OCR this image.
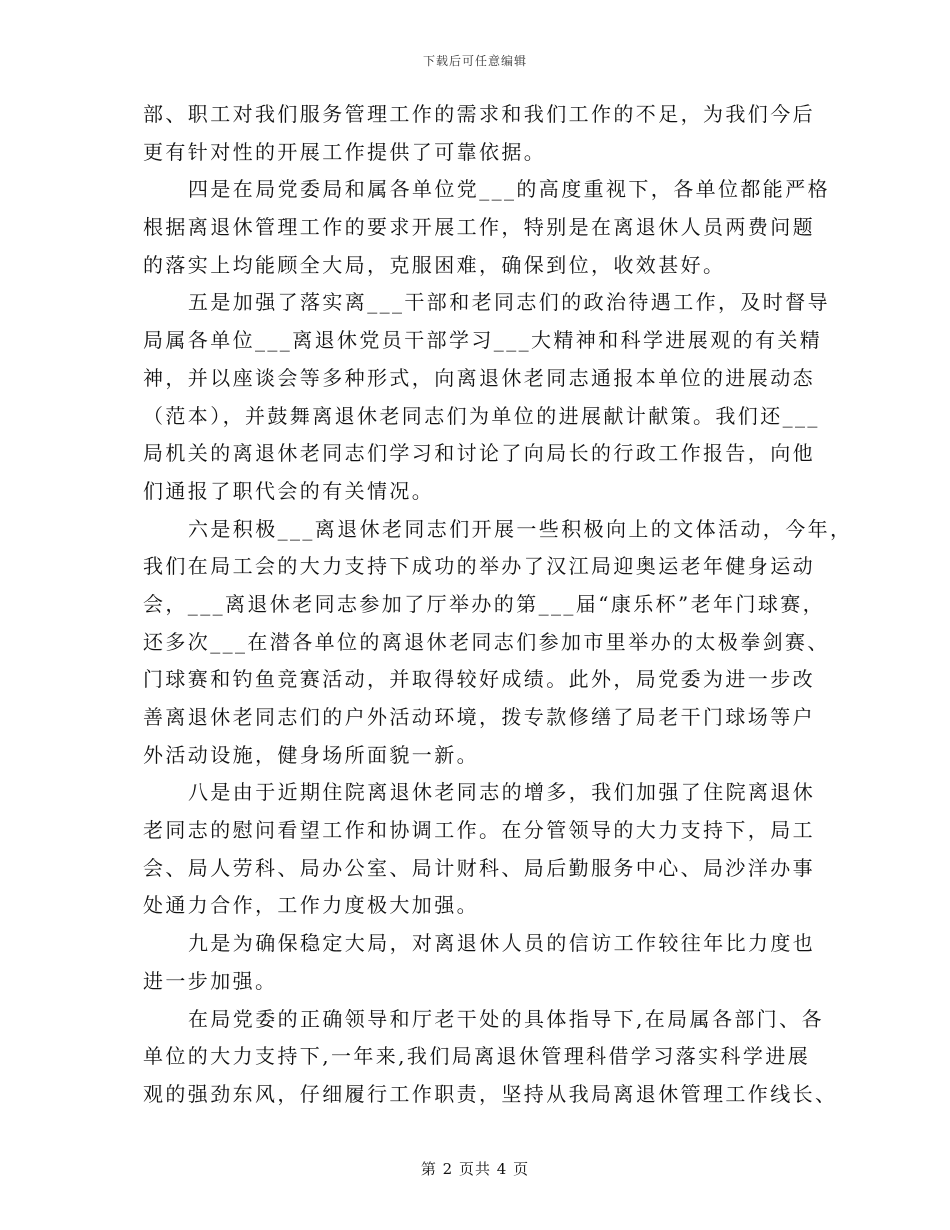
下载后可任意编辑
部、职工对我们服务管理工作的需求和我们工作的不足，为我们今后
更有针对性的开展工作提供了可靠依据。
四是在局党委局和属各单位党___的高度重视下，各单位都能严格
根据离退休管理工作的要求开展工作，特别是在离退休人员两费问题
的落实上均能顾全大局，克服困难，确保到位，收效甚好。
五是加强了落实离___干部和老同志们的政治待遇工作，及时督导
局属各单位___离退休党员干部学习___大精神和科学进展观的有关精
神，并以座谈会等多种形式，向离退休老同志通报本单位的进展动态
（范本），并鼓舞离退休老同志们为单位的进展献计献策。我们还___
局机关的离退休老同志们学习和讨论了向局长的行政工作报告，向他
们通报了职代会的有关情况。
六是积极___离退休老同志们开展一些积极向上的文体活动，今年，
我们在局工会的大力支持下成功的举办了汉江局迎奥运老年健身运动
会，___离退休老同志参加了厅举办的第___届“康乐杯”老年门球赛，
还多次___在潜各单位的离退休老同志们参加市里举办的太极拳剑赛、
门球赛和钓鱼竞赛活动，并取得较好成绩。此外，局党委为进一步改
善离退休老同志们的户外活动环境，拨专款修缮了局老干门球场等户
外活动设施，健身场所面貌一新。
八是由于近期住院离退休老同志的增多，我们加强了住院离退休
老同志的慰问看望工作和协调工作。在分管领导的大力支持下，局工
会、局人劳科、局办公室、局计财科、局后勤服务中心、局沙洋办事
处通力合作，工作力度极大加强。
九是为确保稳定大局，对离退休人员的信访工作较往年比力度也
进一步加强。
在局党委的正确领导和厅老干处的具体指导下,在局属各部门、各
单位的大力支持下,一年来,我们局离退休管理科借学习落实科学进展
观的强劲东风，仔细履行工作职责，坚持从我局离退休管理工作线长、
第 2 页共 4 页
